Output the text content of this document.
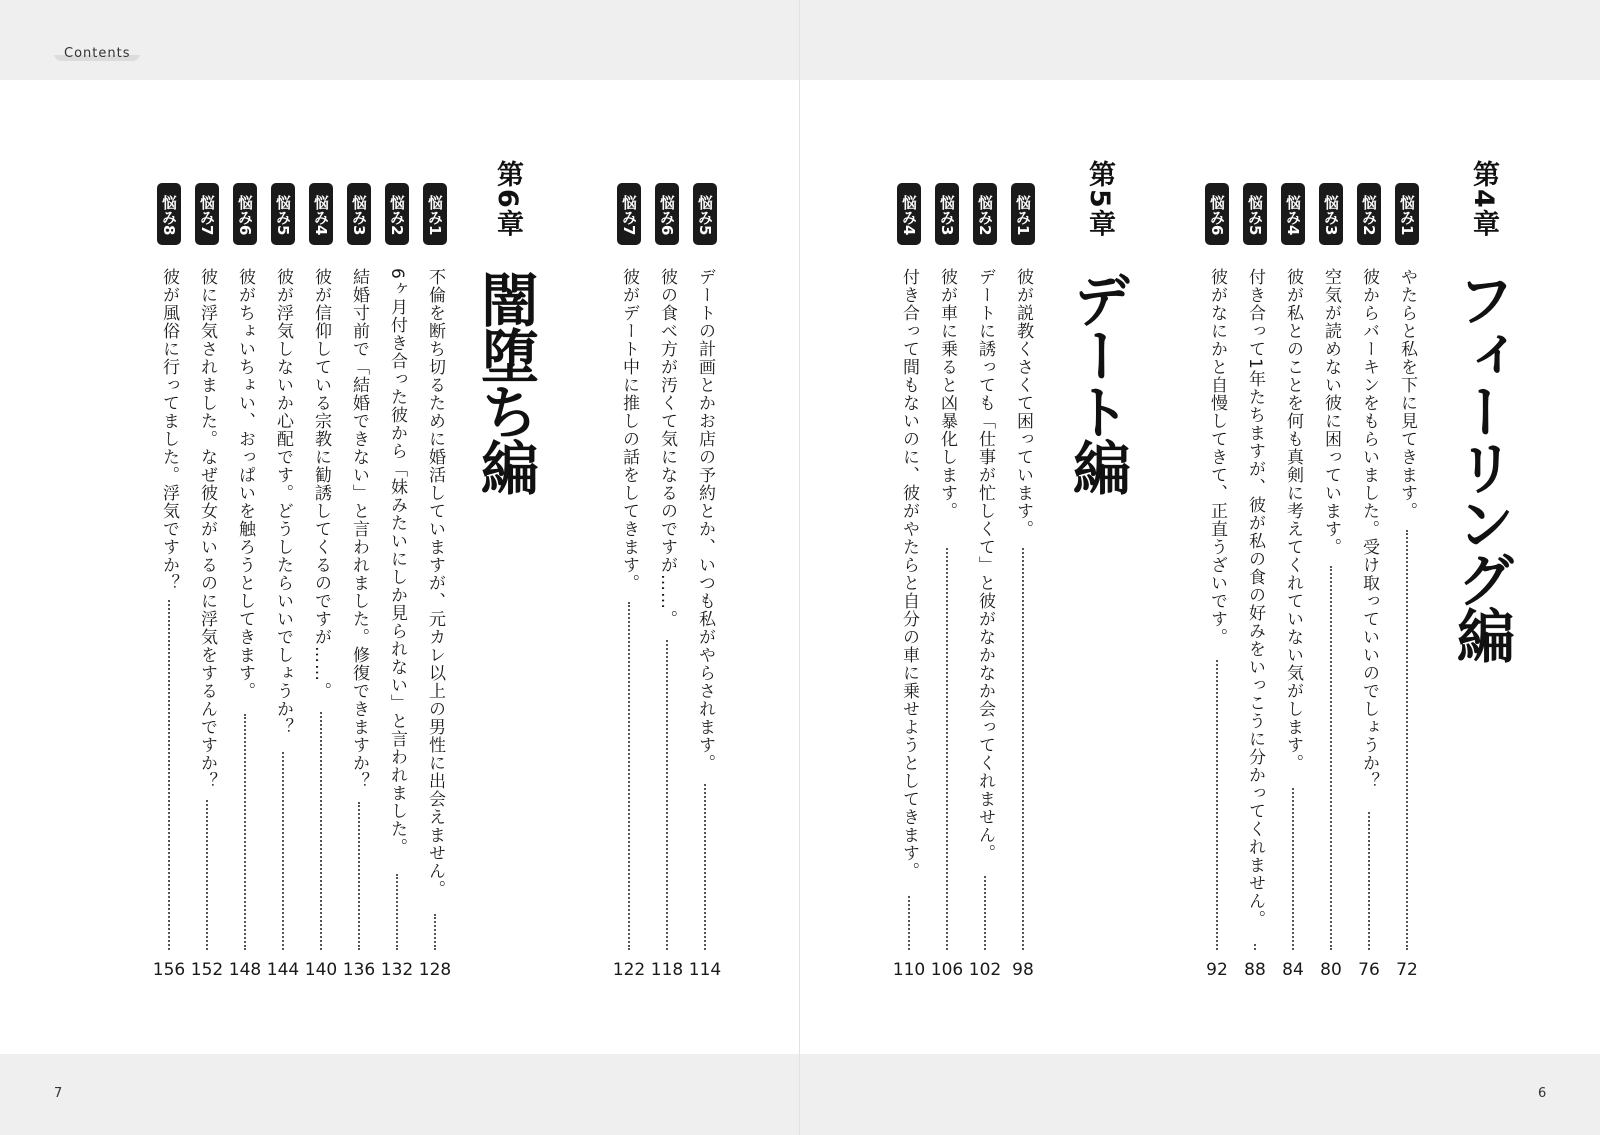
Contents
7	6
第4章
フィーリング編
悩み1
やたらと私を下に見てきます。
72
悩み2
彼からバーキンをもらいました。受け取っていいのでしょうか？
76
悩み3
空気が読めない彼に困っています。
80
悩み4
彼が私とのことを何も真剣に考えてくれていない気がします。
84
悩み5
付き合って1年たちますが、彼が私の食の好みをいっこうに分かってくれません。
88
悩み6
彼がなにかと自慢してきて、正直うざいです。
92
第5章
デート編
悩み1
彼が説教くさくて困っています。
98
悩み2
デートに誘っても「仕事が忙しくて」と彼がなかなか会ってくれません。
102
悩み3
彼が車に乗ると凶暴化します。
106
悩み4
付き合って間もないのに、彼がやたらと自分の車に乗せようとしてきます。
110
悩み5
デートの計画とかお店の予約とか、いつも私がやらされます。
114
悩み6
彼の食べ方が汚くて気になるのですが……。
118
悩み7
彼がデート中に推しの話をしてきます。
122
第6章
闇堕ち編
悩み1
不倫を断ち切るために婚活していますが、元カレ以上の男性に出会えません。
128
悩み2
6ヶ月付き合った彼から「妹みたいにしか見られない」と言われました。
132
悩み3
結婚寸前で「結婚できない」と言われました。修復できますか？
136
悩み4
彼が信仰している宗教に勧誘してくるのですが……。
140
悩み5
彼が浮気しないか心配です。どうしたらいいでしょうか？
144
悩み6
彼がちょいちょい、おっぱいを触ろうとしてきます。
148
悩み7
彼に浮気されました。なぜ彼女がいるのに浮気をするんですか？
152
悩み8
彼が風俗に行ってました。浮気ですか？
156
